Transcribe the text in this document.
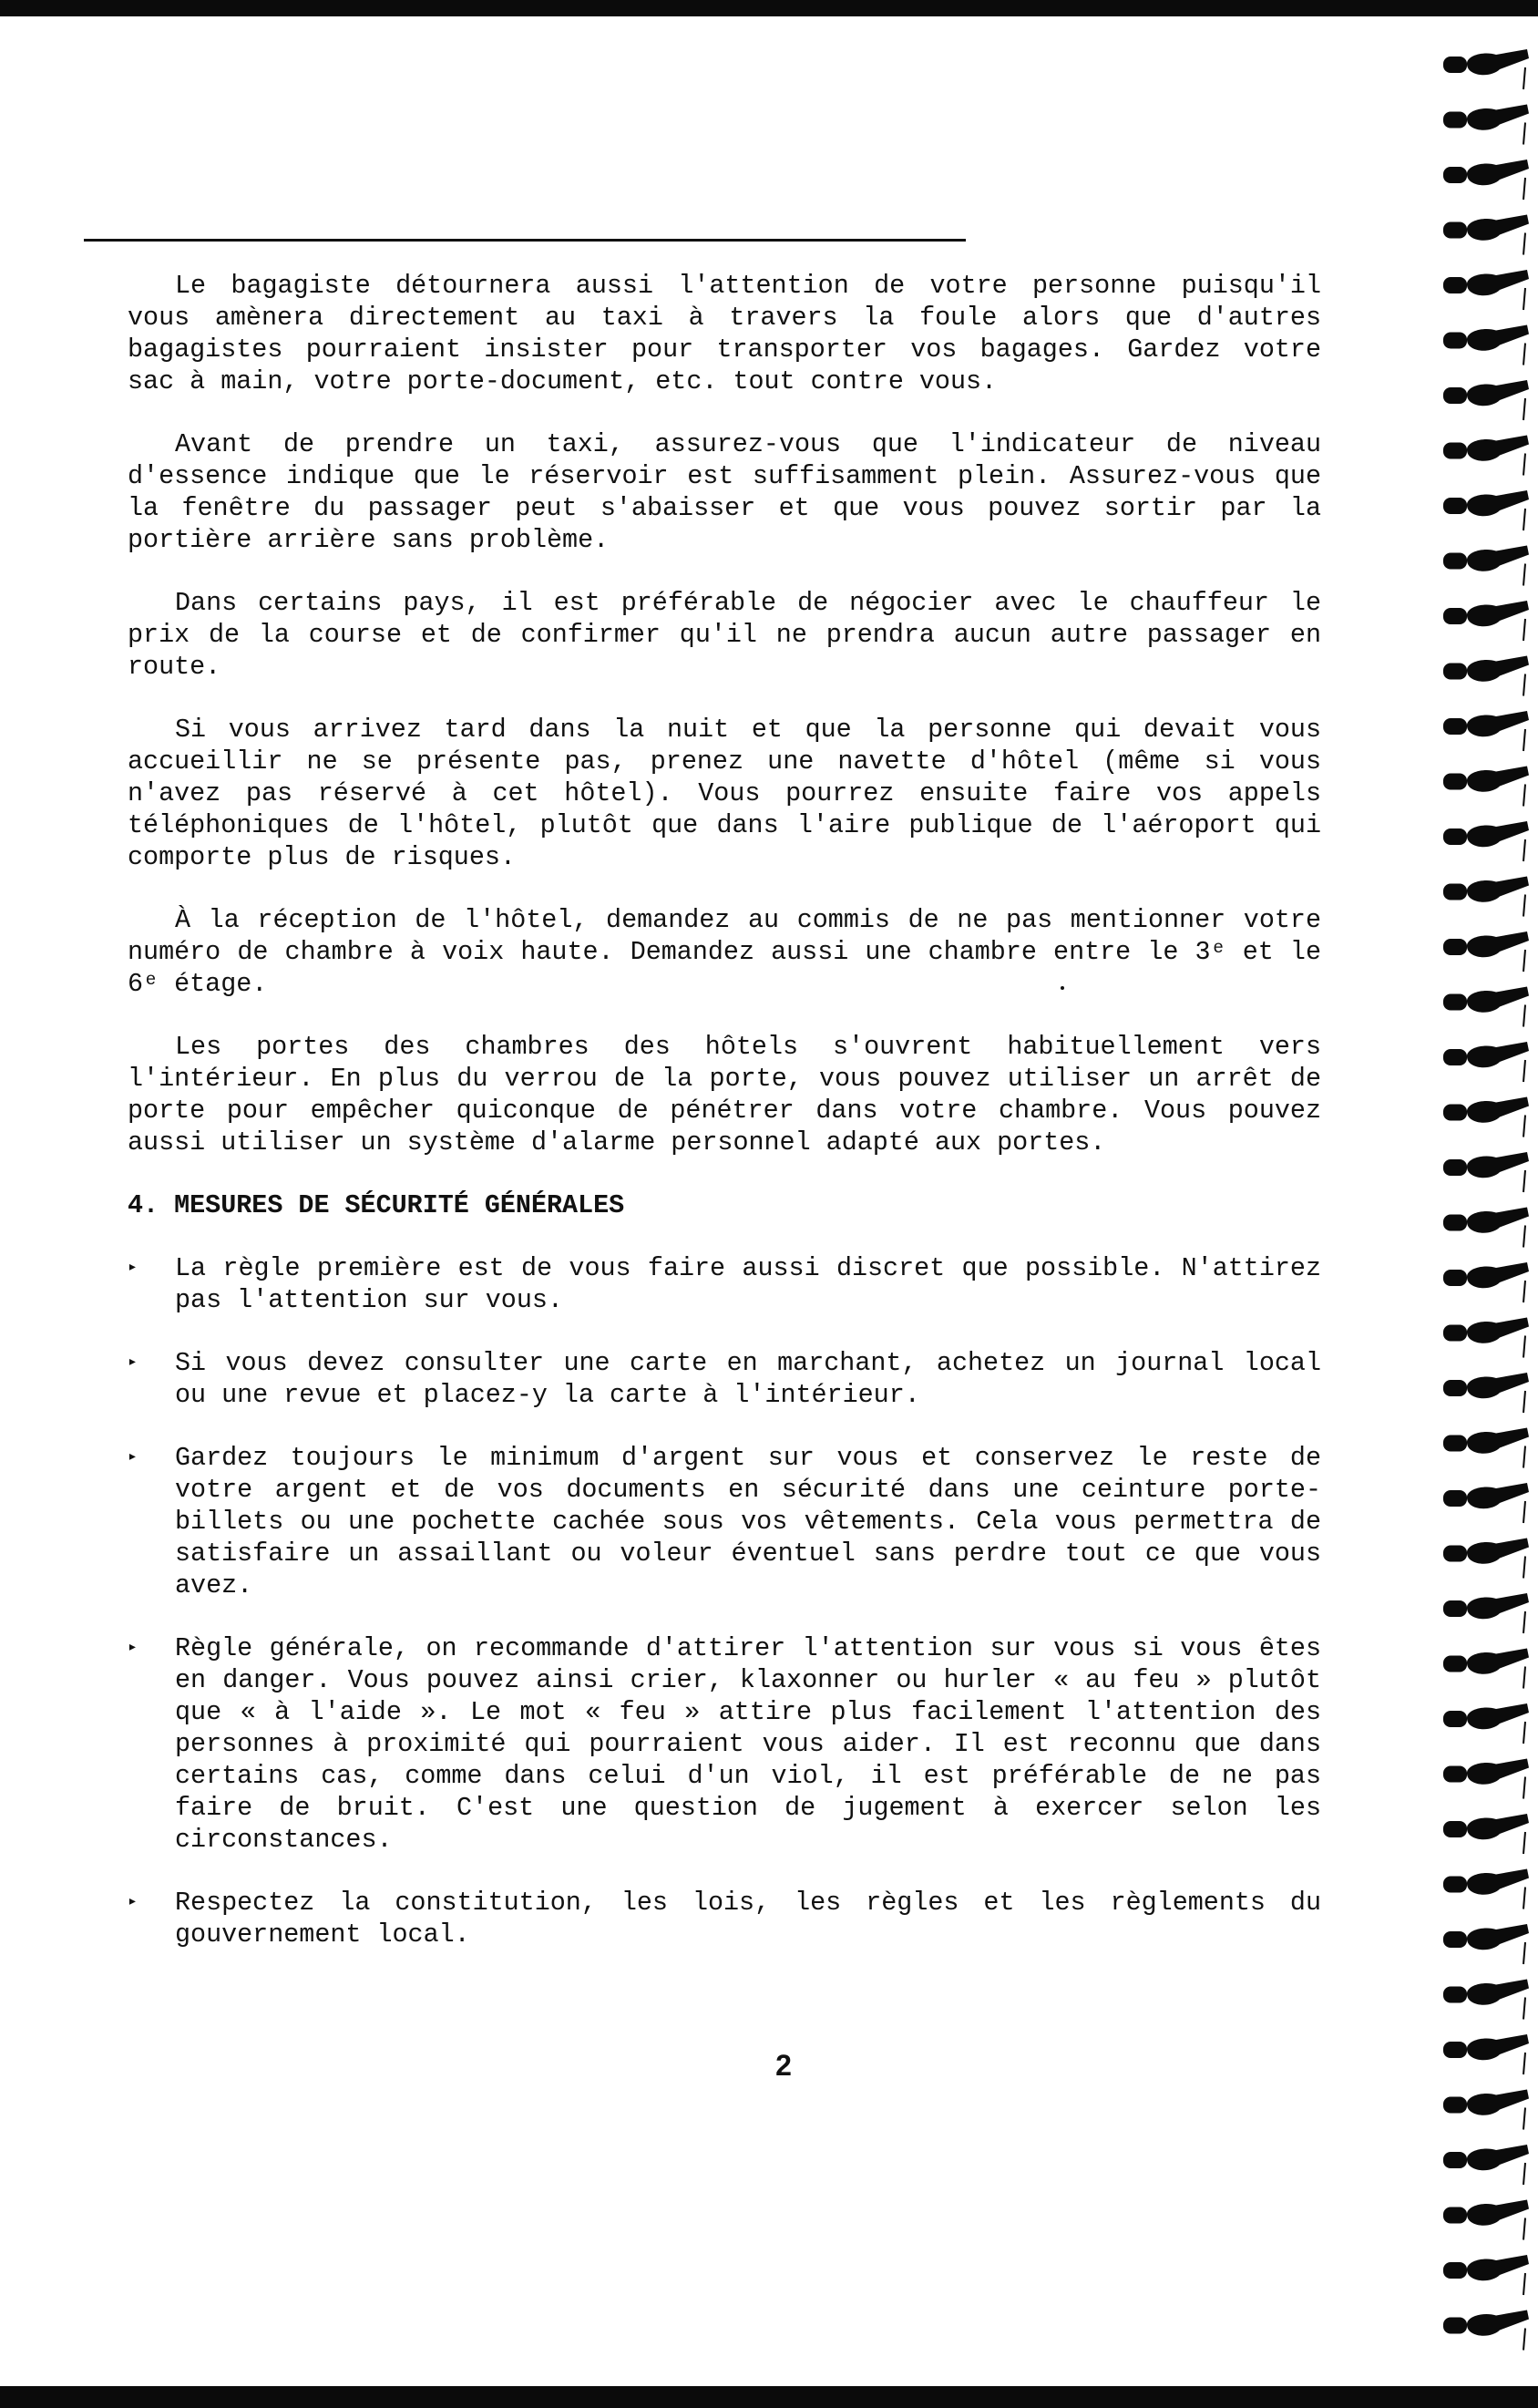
Le bagagiste détournera aussi l'attention de votre personne puisqu'il vous amènera directement au taxi à travers la foule alors que d'autres bagagistes pourraient insister pour transporter vos bagages. Gardez votre sac à main, votre porte-document, etc. tout contre vous.

Avant de prendre un taxi, assurez-vous que l'indicateur de niveau d'essence indique que le réservoir est suffisamment plein. Assurez-vous que la fenêtre du passager peut s'abaisser et que vous pouvez sortir par la portière arrière sans problème.

Dans certains pays, il est préférable de négocier avec le chauffeur le prix de la course et de confirmer qu'il ne prendra aucun autre passager en route.

Si vous arrivez tard dans la nuit et que la personne qui devait vous accueillir ne se présente pas, prenez une navette d'hôtel (même si vous n'avez pas réservé à cet hôtel). Vous pourrez ensuite faire vos appels téléphoniques de l'hôtel, plutôt que dans l'aire publique de l'aéroport qui comporte plus de risques.

À la réception de l'hôtel, demandez au commis de ne pas mentionner votre numéro de chambre à voix haute. Demandez aussi une chambre entre le 3ᵉ et le 6ᵉ étage.

Les portes des chambres des hôtels s'ouvrent habituellement vers l'intérieur. En plus du verrou de la porte, vous pouvez utiliser un arrêt de porte pour empêcher quiconque de pénétrer dans votre chambre. Vous pouvez aussi utiliser un système d'alarme personnel adapté aux portes.

4. MESURES DE SÉCURITÉ GÉNÉRALES
▸ La règle première est de vous faire aussi discret que possible. N'attirez pas l'attention sur vous.
▸ Si vous devez consulter une carte en marchant, achetez un journal local ou une revue et placez-y la carte à l'intérieur.
▸ Gardez toujours le minimum d'argent sur vous et conservez le reste de votre argent et de vos documents en sécurité dans une ceinture porte-billets ou une pochette cachée sous vos vêtements. Cela vous permettra de satisfaire un assaillant ou voleur éventuel sans perdre tout ce que vous avez.
▸ Règle générale, on recommande d'attirer l'attention sur vous si vous êtes en danger. Vous pouvez ainsi crier, klaxonner ou hurler « au feu » plutôt que « à l'aide ». Le mot « feu » attire plus facilement l'attention des personnes à proximité qui pourraient vous aider. Il est reconnu que dans certains cas, comme dans celui d'un viol, il est préférable de ne pas faire de bruit. C'est une question de jugement à exercer selon les circonstances.
▸ Respectez la constitution, les lois, les règles et les règlements du gouvernement local.
2
